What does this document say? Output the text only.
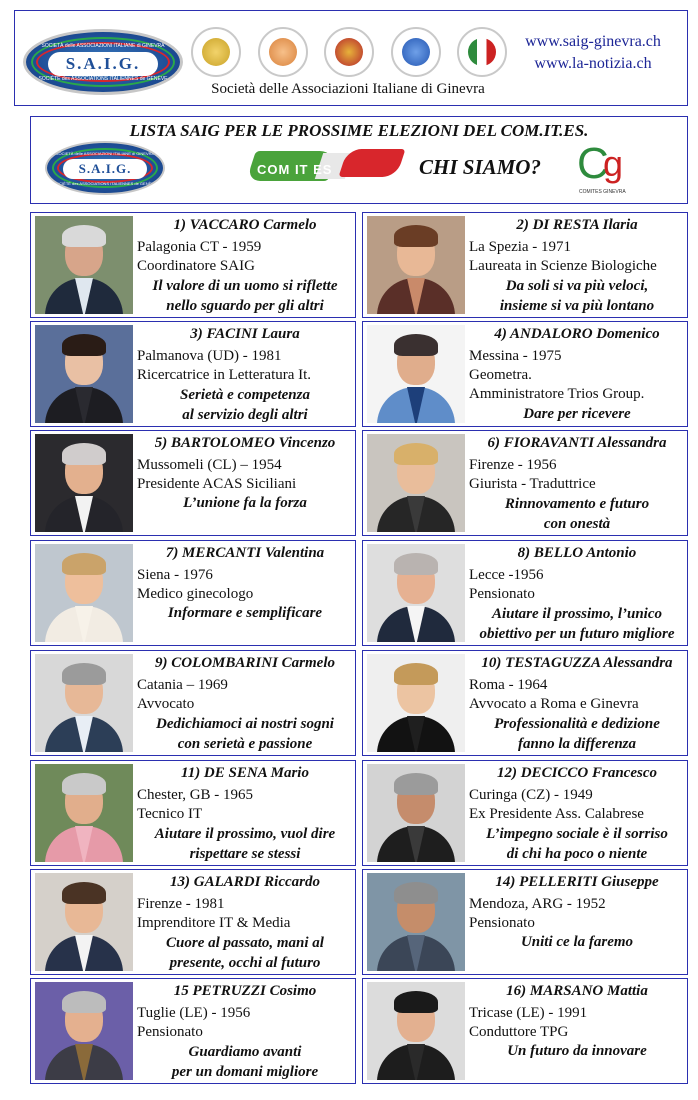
SOCIETÀ delle ASSOCIAZIONI ITALIANE di GINEVRA
S.A.I.G.
SOCIÉTÉ des ASSOCIATIONS ITALIENNES de GENÈVE
Società delle Associazioni Italiane di Ginevra
www.saig-ginevra.ch
www.la-notizia.ch
LISTA SAIG PER LE PROSSIME ELEZIONI DEL COM.IT.ES.
SOCIETÀ delle ASSOCIAZIONI ITALIANE di GINEVRA
S.A.I.G.
SOCIÉTÉ des ASSOCIATIONS ITALIENNES de GENÈVE
COM IT ES	CHI SIAMO? C
g
COMITES GINEVRA
1) VACCARO Carmelo
Palagonia CT - 1959
Coordinatore SAIG
Il valore di un uomo si riflette
nello sguardo per gli altri
2) DI RESTA Ilaria
La Spezia - 1971
Laureata in Scienze Biologiche
Da soli si va più veloci,
insieme si va più lontano
3) FACINI Laura
Palmanova (UD) - 1981
Ricercatrice in Letteratura It.
Serietà e competenza
al servizio degli altri
4) ANDALORO Domenico
Messina - 1975
Geometra.
Amministratore Trios Group.
Dare per ricevere
5) BARTOLOMEO Vincenzo
Mussomeli (CL) – 1954
Presidente ACAS Siciliani
L’unione fa la forza
6) FIORAVANTI Alessandra
Firenze - 1956
Giurista - Traduttrice
Rinnovamento e futuro
con onestà
7) MERCANTI Valentina
Siena - 1976
Medico ginecologo
Informare e semplificare
8) BELLO Antonio
Lecce -1956
Pensionato
Aiutare il prossimo, l’unico
obiettivo per un futuro migliore
9) COLOMBARINI Carmelo
Catania – 1969
Avvocato
Dedichiamoci ai nostri sogni
con serietà e passione
10) TESTAGUZZA Alessandra
Roma - 1964
Avvocato a Roma e Ginevra
Professionalità e dedizione
fanno la differenza
11) DE SENA Mario
Chester, GB - 1965
Tecnico IT
Aiutare il prossimo, vuol dire
rispettare se stessi
12) DECICCO Francesco
Curinga (CZ) - 1949
Ex Presidente Ass. Calabrese
L’impegno sociale è il sorriso
di chi ha poco o niente
13) GALARDI Riccardo
Firenze - 1981
Imprenditore IT & Media
Cuore al passato, mani al
presente, occhi al futuro
14) PELLERITI Giuseppe
Mendoza, ARG - 1952
Pensionato
Uniti ce la faremo
15 PETRUZZI Cosimo
Tuglie (LE) - 1956
Pensionato
Guardiamo avanti
per un domani migliore
16) MARSANO Mattia
Tricase (LE) - 1991
Conduttore TPG
Un futuro da innovare
